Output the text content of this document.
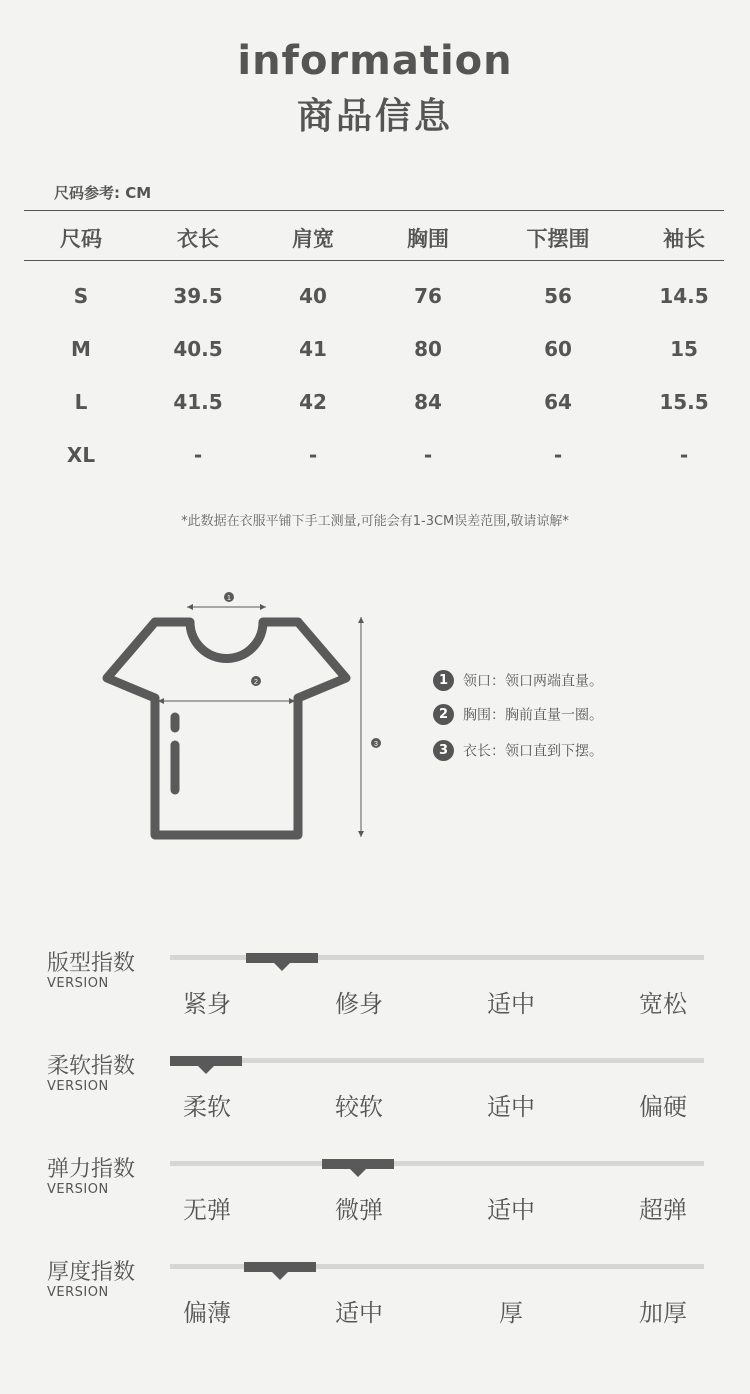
information
商品信息
尺码参考: CM
尺码	衣长	肩宽	胸围	下摆围	袖长
S	39.5	40	76	56	14.5
M	40.5	41	80	60	15
L	41.5	42	84	64	15.5
XL	-	-	-	-	-
*此数据在衣服平铺下手工测量,可能会有1-3CM误差范围,敬请谅解*
1
2
3
1 领口：领口两端直量。
2 胸围：胸前直量一圈。
3 衣长：领口直到下摆。
版型指数
VERSION
紧身	修身	适中	宽松
柔软指数
VERSION
柔软	较软	适中	偏硬
弹力指数
VERSION
无弹	微弹	适中	超弹
厚度指数
VERSION
偏薄	适中	厚	加厚
